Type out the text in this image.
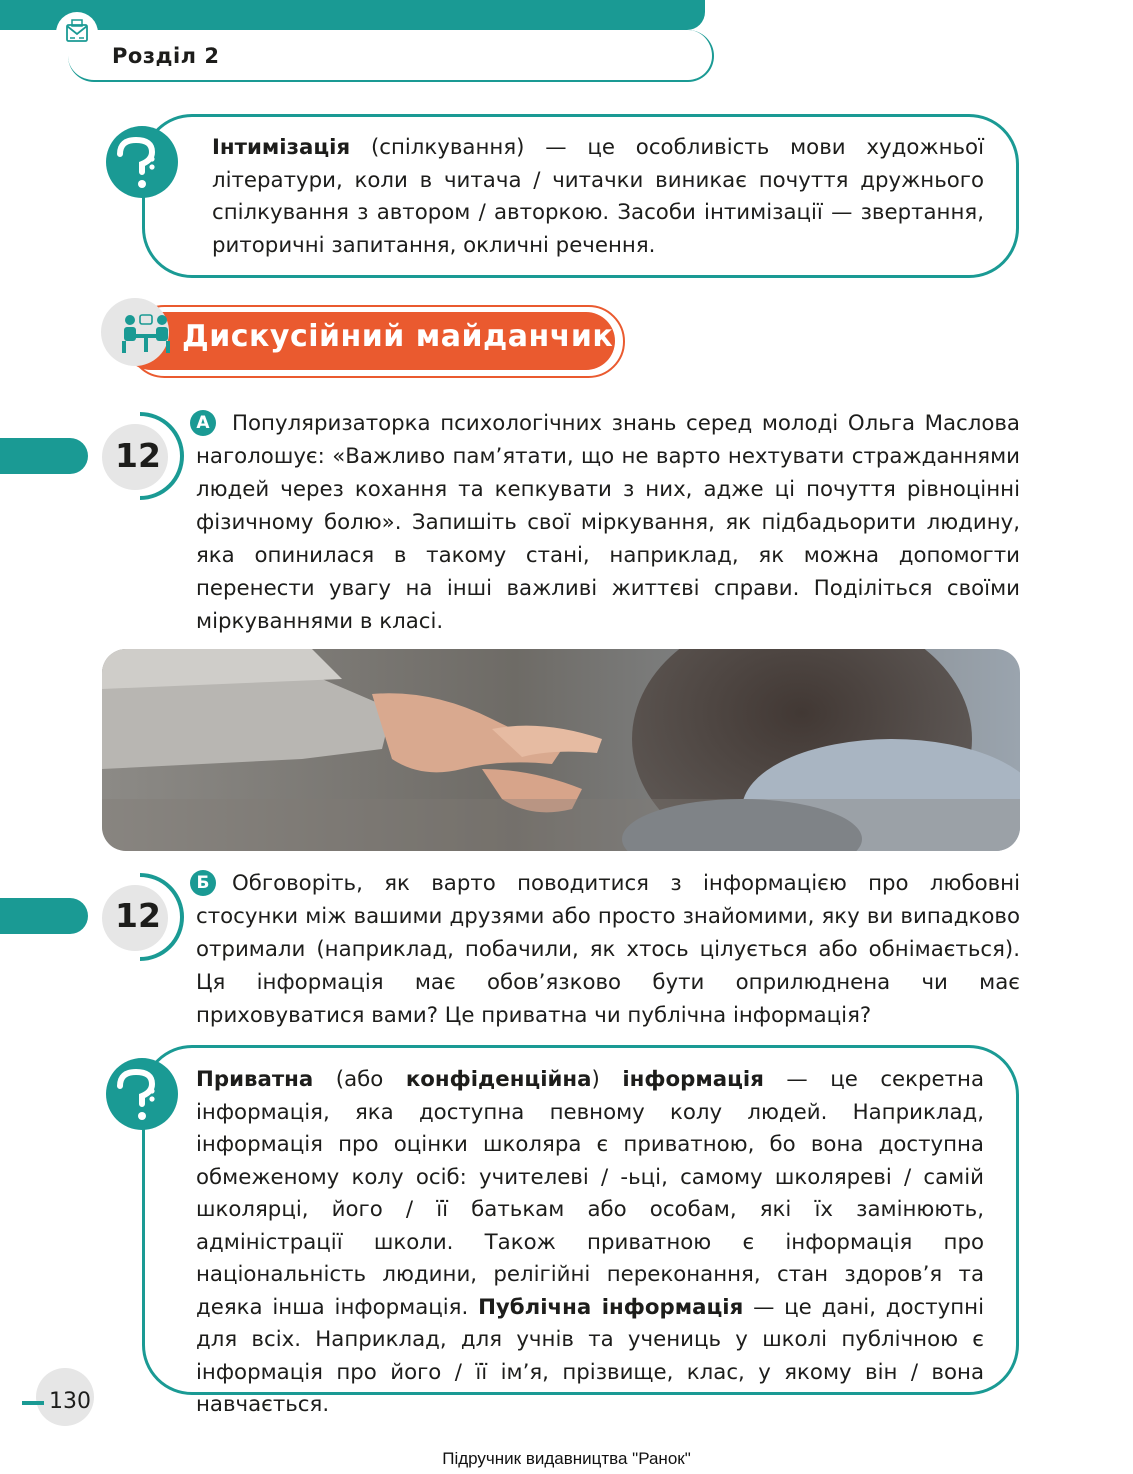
Розділ 2
Інтимізація (спілкування) — це особливість мови художньої літератури, коли в читача / читачки виникає почуття дружнього спілкування з автором / авторкою. Засоби інтимізації — звертання, риторичні запитання, окличні речення.
Дискусійний майданчик
12
А	Популяризаторка психологічних знань серед молоді Ольга Маслова наголошує: «Важливо пам’ятати, що не варто нехтувати стражданнями людей через кохання та кепкувати з них, адже ці почуття рівноцінні фізичному болю». Запишіть свої міркування, як підбадьорити людину, яка опинилася в такому стані, наприклад, як можна допомогти перенести увагу на інші важливі життєві справи. Поділіться своїми міркуваннями в класі.
12
Б	Обговоріть, як варто поводитися з інформацією про любовні стосунки між вашими друзями або просто знайомими, яку ви випадково отримали (наприклад, побачили, як хтось цілується або обнімається). Ця інформація має обов’язково бути оприлюднена чи має приховуватися вами? Це приватна чи публічна інформація?
Приватна (або конфіденційна) інформація — це секретна інформація, яка доступна певному колу людей. Наприклад, інформація про оцінки школяра є приватною, бо вона доступна обмеженому колу осіб: учителеві / -ьці, самому школяреві / самій школярці, його / її батькам або особам, які їх замінюють, адміністрації школи. Також приватною є інформація про національність людини, релігійні переконання, стан здоров’я та деяка інша інформація. Публічна інформація — це дані, доступні для всіх. Наприклад, для учнів та учениць у школі публічною є інформація про його / її ім’я, прізвище, клас, у якому він / вона навчається.
130
Підручник видавництва "Ранок"
